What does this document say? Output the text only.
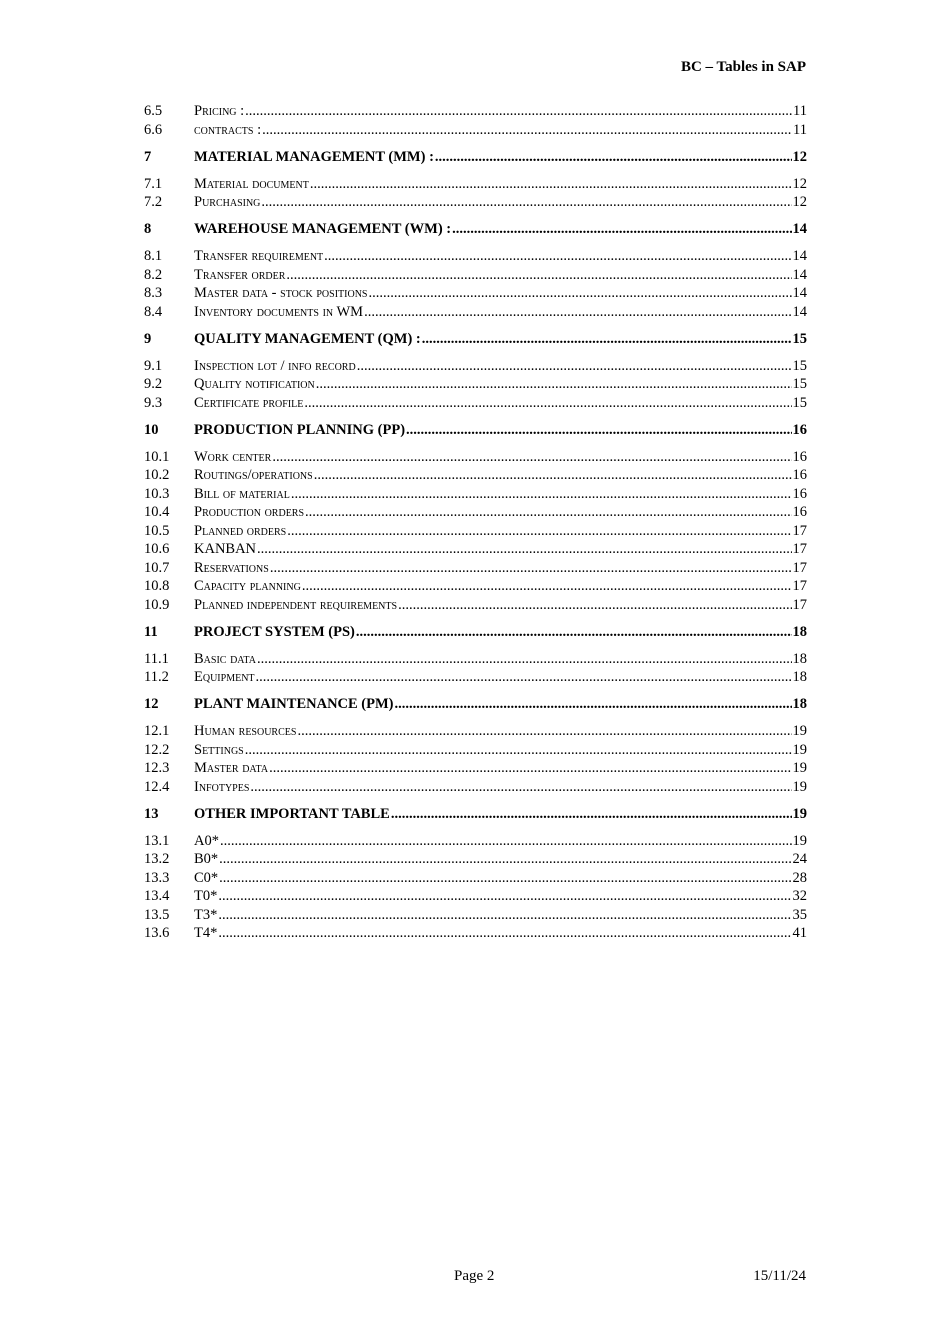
BC – Tables in SAP
6.5	Pricing : .....	11
6.6	contracts : .....	11
7	MATERIAL MANAGEMENT (MM) : .....	12
7.1	Material document .....	12
7.2	Purchasing .....	12
8	WAREHOUSE MANAGEMENT (WM) : .....	14
8.1	Transfer requirement .....	14
8.2	Transfer order .....	14
8.3	Master data - stock positions .....	14
8.4	Inventory documents in WM .....	14
9	QUALITY MANAGEMENT (QM) : .....	15
9.1	Inspection lot / info record .....	15
9.2	Quality notification .....	15
9.3	Certificate profile .....	15
10	PRODUCTION PLANNING (PP) .....	16
10.1	Work center .....	16
10.2	Routings/operations .....	16
10.3	Bill of material .....	16
10.4	Production orders .....	16
10.5	Planned orders .....	17
10.6	KANBAN .....	17
10.7	Reservations .....	17
10.8	Capacity planning .....	17
10.9	Planned independent requirements .....	17
11	PROJECT SYSTEM (PS) .....	18
11.1	Basic data .....	18
11.2	Equipment .....	18
12	PLANT MAINTENANCE (PM) .....	18
12.1	Human resources .....	19
12.2	Settings .....	19
12.3	Master data .....	19
12.4	Infotypes .....	19
13	OTHER IMPORTANT TABLE .....	19
13.1	A0* .....	19
13.2	B0* .....	24
13.3	C0* .....	28
13.4	T0* .....	32
13.5	T3* .....	35
13.6	T4* .....	41
Page 2	15/11/24
